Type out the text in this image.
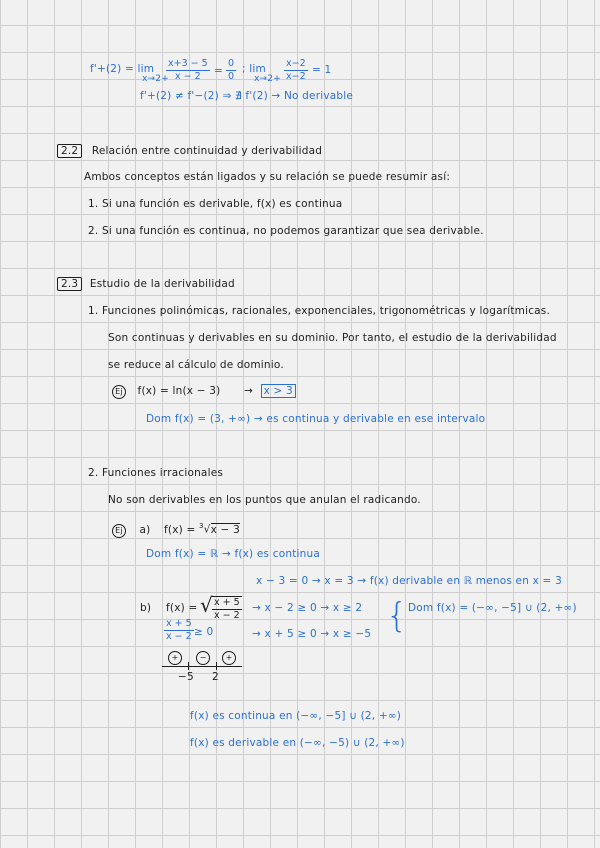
f'+(2) = lim
x→2+
$\frac{x+3 - 5}{x - 2} = \frac{0}{0}$ ; lim
$x\to 2+ \frac{x-2}{x-2} = 1$
f'+(2) ≠ f'−(2) ⇒ ∄ f'(2) → No derivable
2.2 Relación entre continuidad y derivabilidad
Ambos conceptos están ligados y su relación se puede resumir así:
1. Si una función es derivable, f(x) es continua
2. Si una función es continua, no podemos garantizar que sea derivable.
2.3 Estudio de la derivabilidad
1. Funciones polinómicas, racionales, exponenciales, trigonométricas y logarítmicas.
Son continuas y derivables en su dominio. Por tanto, el estudio de la derivabilidad
se reduce al cálculo de dominio.
Ej f(x) = ln(x − 3) → x > 3
Dom f(x) = (3, +∞) → es continua y derivable en ese intervalo
2. Funciones irracionales
No son derivables en los puntos que anulan el radicando.
Ej a) f(x) = $^3$√x − 3
Dom f(x) = ℝ → f(x) es continua
x − 3 = 0 → x = 3 → f(x) derivable en ℝ menos en x = 3
b) f(x) = √ $\frac{x + 5}{x - 2} \to x - 2 \ge 0 \to x \ge 2$
→ x + 5 ≥ 0 → x ≥ −5 { Dom f(x) = (−∞, −5] ∪ (2, +∞)
$\frac{x + 5}{x - 2} \ge 0$
+	−	+
−5 2
f(x) es continua en (−∞, −5] ∪ (2, +∞)
f(x) es derivable en (−∞, −5) ∪ (2, +∞)
